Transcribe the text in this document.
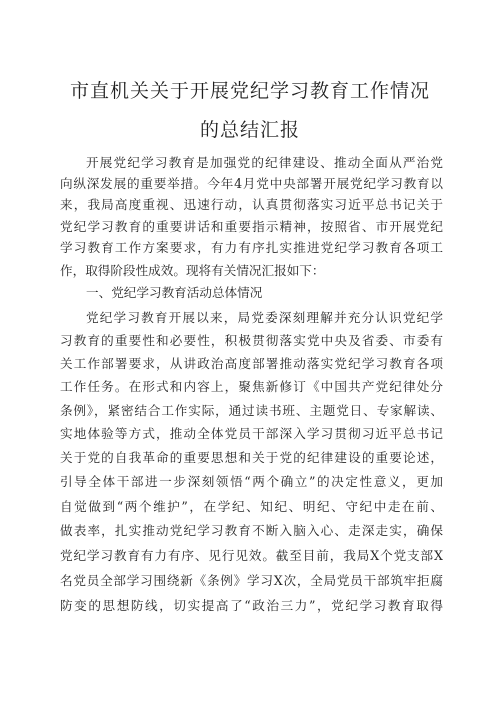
市直机关关于开展党纪学习教育工作情况
的总结汇报
开展党纪学习教育是加强党的纪律建设、推动全面从严治党
向纵深发展的重要举措。今年4月党中央部署开展党纪学习教育以
来，我局高度重视、迅速行动，认真贯彻落实习近平总书记关于
党纪学习教育的重要讲话和重要指示精神，按照省、市开展党纪
学习教育工作方案要求，有力有序扎实推进党纪学习教育各项工
作，取得阶段性成效。现将有关情况汇报如下：
一、党纪学习教育活动总体情况
党纪学习教育开展以来，局党委深刻理解并充分认识党纪学
习教育的重要性和必要性，积极贯彻落实党中央及省委、市委有
关工作部署要求，从讲政治高度部署推动落实党纪学习教育各项
工作任务。在形式和内容上，聚焦新修订《中国共产党纪律处分
条例》，紧密结合工作实际，通过读书班、主题党日、专家解读、
实地体验等方式，推动全体党员干部深入学习贯彻习近平总书记
关于党的自我革命的重要思想和关于党的纪律建设的重要论述，
引导全体干部进一步深刻领悟“两个确立”的决定性意义，更加
自觉做到“两个维护”，在学纪、知纪、明纪、守纪中走在前、
做表率，扎实推动党纪学习教育不断入脑入心、走深走实，确保
党纪学习教育有力有序、见行见效。截至目前，我局X个党支部X
名党员全部学习围绕新《条例》学习X次，全局党员干部筑牢拒腐
防变的思想防线，切实提高了“政治三力”，党纪学习教育取得
